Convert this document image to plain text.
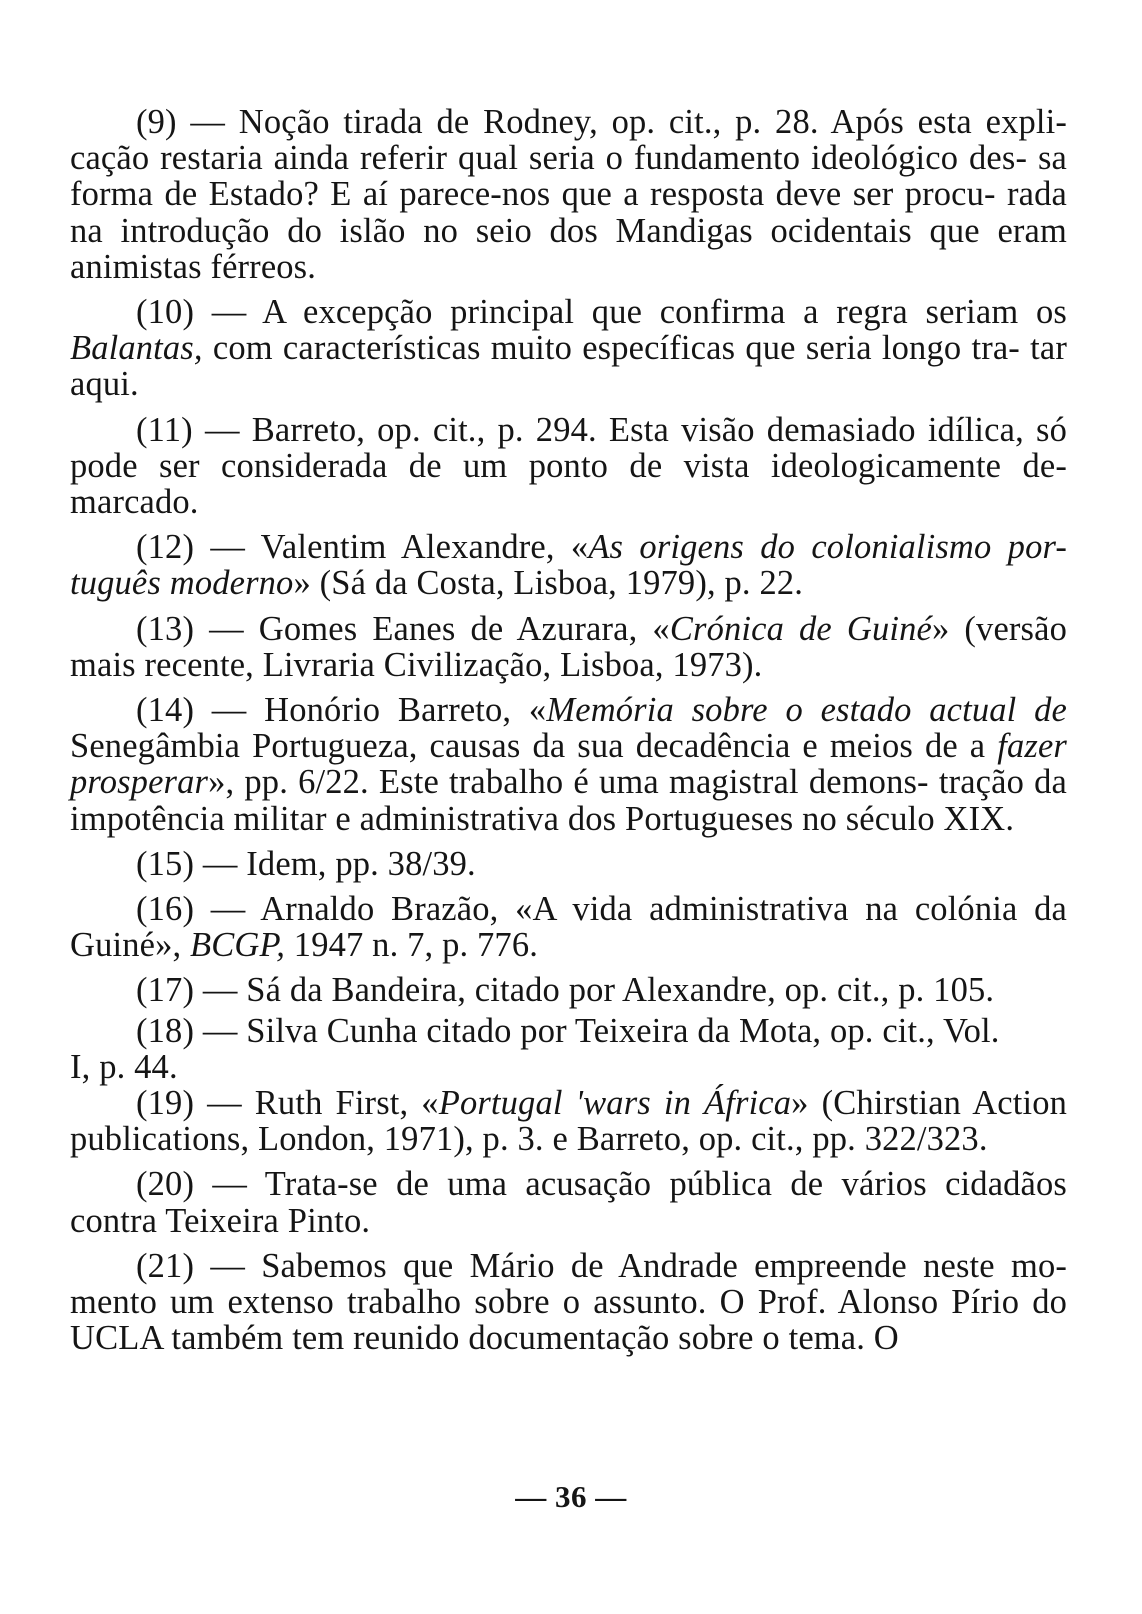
(9) — Noção tirada de Rodney, op. cit., p. 28. Após esta expli- cação restaria ainda referir qual seria o fundamento ideológico des- sa forma de Estado? E aí parece-nos que a resposta deve ser procu- rada na introdução do islão no seio dos Mandigas ocidentais que eram animistas férreos.

(10) — A excepção principal que confirma a regra seriam os Balantas, com características muito específicas que seria longo tra- tar aqui.

(11) — Barreto, op. cit., p. 294. Esta visão demasiado idílica, só pode ser considerada de um ponto de vista ideologicamente de- marcado.

(12) — Valentim Alexandre, «As origens do colonialismo por- tuguês moderno» (Sá da Costa, Lisboa, 1979), p. 22.

(13) — Gomes Eanes de Azurara, «Crónica de Guiné» (versão mais recente, Livraria Civilização, Lisboa, 1973).

(14) — Honório Barreto, «Memória sobre o estado actual de Senegâmbia Portugueza, causas da sua decadência e meios de a fazer prosperar», pp. 6/22. Este trabalho é uma magistral demons- tração da impotência militar e administrativa dos Portugueses no século XIX.

(15) — Idem, pp. 38/39.

(16) — Arnaldo Brazão, «A vida administrativa na colónia da Guiné», BCGP, 1947 n. 7, p. 776.

(17) — Sá da Bandeira, citado por Alexandre, op. cit., p. 105.

(18) — Silva Cunha citado por Teixeira da Mota, op. cit., Vol.

I, p. 44.

(19) — Ruth First, «Portugal 'wars in Áfrіca» (Chirstian Action publications, London, 1971), p. 3. e Barreto, op. cit., pp. 322/323.

(20) — Trata-se de uma acusação pública de vários cidadãos contra Teixeira Pinto.

(21) — Sabemos que Mário de Andrade empreende neste mo- mento um extenso trabalho sobre o assunto. O Prof. Alonso Pírio do UCLA também tem reunido documentação sobre o tema. O

— 36 —
